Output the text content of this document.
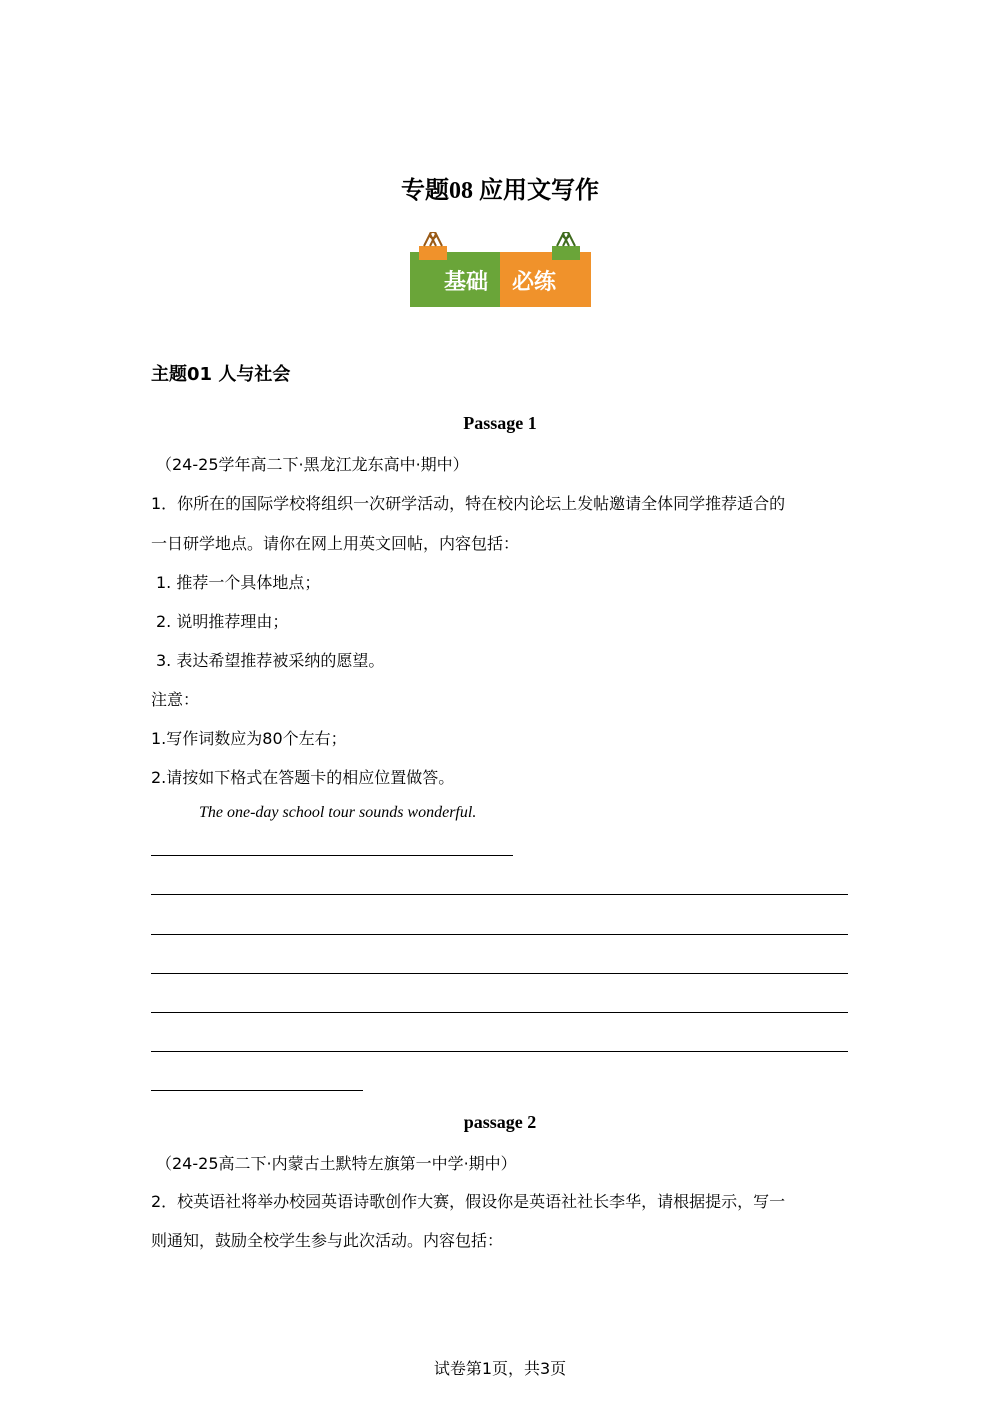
专题08 应用文写作
基础 必练
主题01 人与社会
Passage 1
（24-25学年高二下·黑龙江龙东高中·期中）
1．你所在的国际学校将组织一次研学活动，特在校内论坛上发帖邀请全体同学推荐适合的
一日研学地点。请你在网上用英文回帖，内容包括：
1. 推荐一个具体地点；
2. 说明推荐理由；
3. 表达希望推荐被采纳的愿望。
注意：
1.写作词数应为80个左右；
2.请按如下格式在答题卡的相应位置做答。
The one-day school tour sounds wonderful.
passage 2
（24-25高二下·内蒙古土默特左旗第一中学·期中）
2．校英语社将举办校园英语诗歌创作大赛，假设你是英语社社长李华，请根据提示，写一
则通知，鼓励全校学生参与此次活动。内容包括：
试卷第1页，共3页
